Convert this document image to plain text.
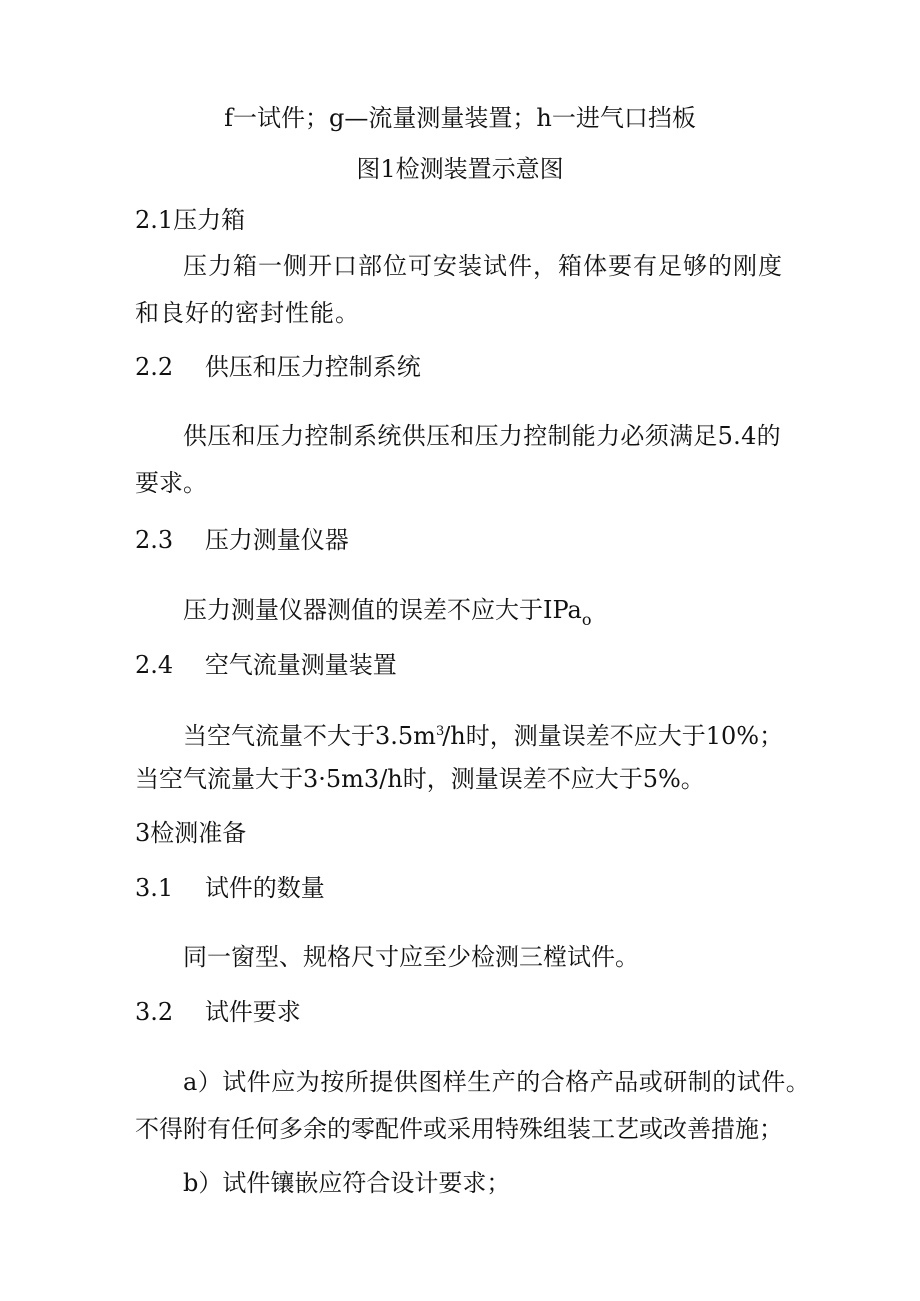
f一试件；g—流量测量装置；h一进气口挡板
图1检测装置示意图
2.1压力箱
压力箱一侧开口部位可安装试件，箱体要有足够的刚度
和良好的密封性能。
2.2 供压和压力控制系统
供压和压力控制系统供压和压力控制能力必须满足5.4的
要求。
2.3 压力测量仪器
压力测量仪器测值的误差不应大于IPa$_o$
2.4 空气流量测量装置
当空气流量不大于$3.5m^3/h$时，测量误差不应大于10%；
当空气流量大于3·5m3/h时，测量误差不应大于5%。
3检测准备
3.1 试件的数量
同一窗型、规格尺寸应至少检测三樘试件。
3.2 试件要求
a）试件应为按所提供图样生产的合格产品或研制的试件。
不得附有任何多余的零配件或采用特殊组装工艺或改善措施；
b）试件镶嵌应符合设计要求；
